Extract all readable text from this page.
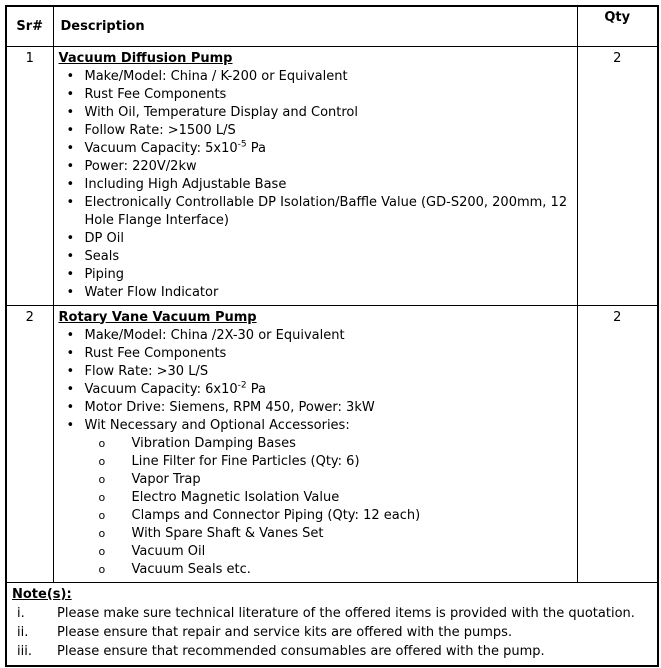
Sr#	Description	Qty
1	Vacuum Diffusion Pump
• Make/Model: China / K-200 or Equivalent
• Rust Fee Components
• With Oil, Temperature Display and Control
• Follow Rate: >1500 L/S
• Vacuum Capacity: $5x10^{-5}$ Pa
• Power: 220V/2kw
• Including High Adjustable Base
• Electronically Controllable DP Isolation/Baffle Value (GD-S200, 200mm, 12 Hole Flange Interface)
• DP Oil
• Seals
• Piping
• Water Flow Indicator
	2
2	Rotary Vane Vacuum Pump
• Make/Model: China /2X-30 or Equivalent
• Rust Fee Components
• Flow Rate: >30 L/S
• Vacuum Capacity: $6x10^{-2}$ Pa
• Motor Drive: Siemens, RPM 450, Power: 3kW
• Wit Necessary and Optional Accessories:
o Vibration Damping Bases
o Line Filter for Fine Particles (Qty: 6)
o Vapor Trap
o Electro Magnetic Isolation Value
o Clamps and Connector Piping (Qty: 12 each)
o With Spare Shaft & Vanes Set
o Vacuum Oil
o Vacuum Seals etc.
	2

Note(s):
i. Please make sure technical literature of the offered items is provided with the quotation.
ii. Please ensure that repair and service kits are offered with the pumps.
iii. Please ensure that recommended consumables are offered with the pump.
